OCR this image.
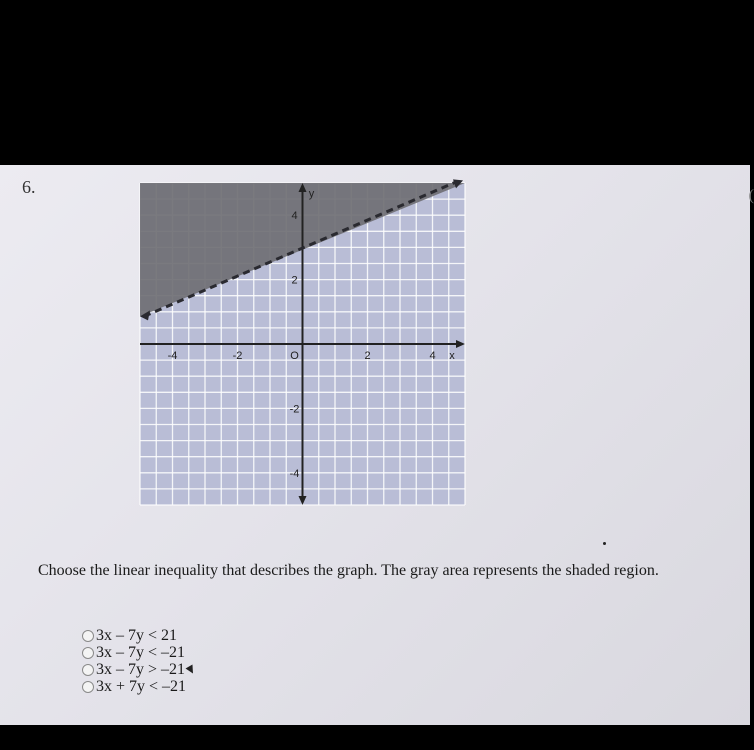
6.	(
-4	-2	2	4
4
2
-2
-4
O	x
y
Choose the linear inequality that describes the graph. The gray area represents the shaded region.
3x – 7y < 21
3x – 7y < –21
3x – 7y > –21
3x + 7y < –21
